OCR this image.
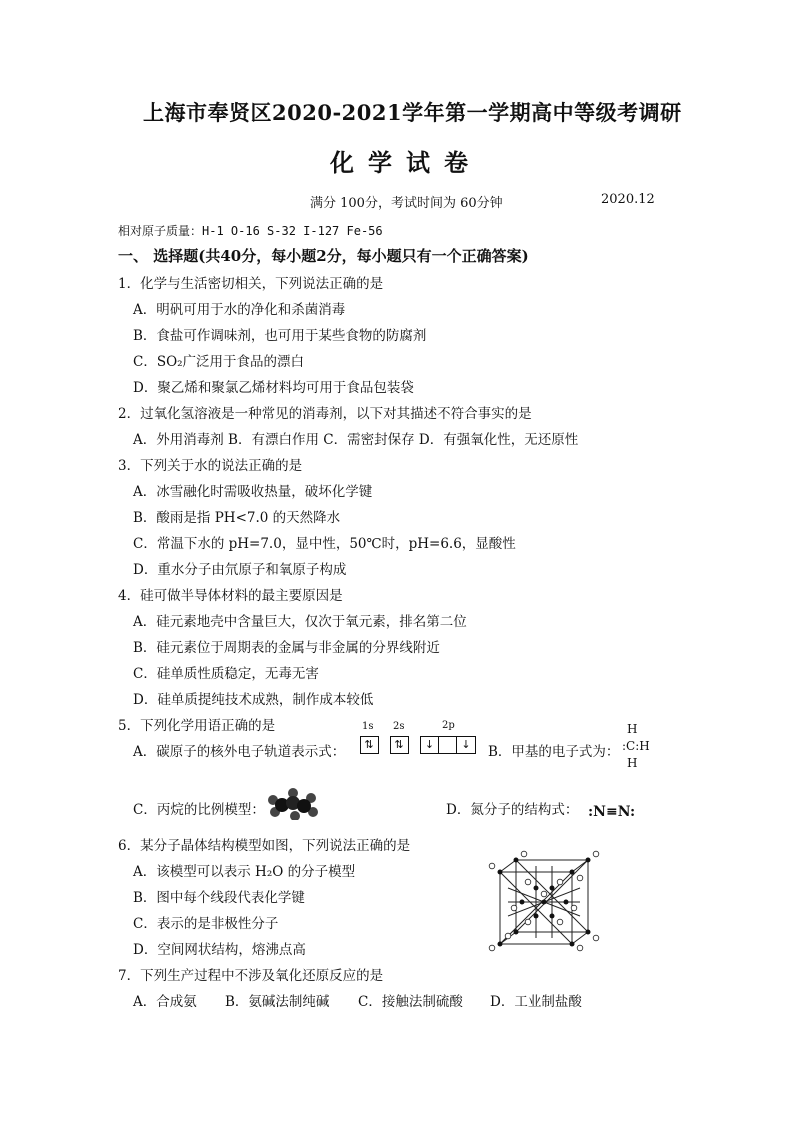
上海市奉贤区2020-2021学年第一学期高中等级考调研
化学试卷
满分 100分，考试时间为 60分钟	2020.12
相对原子质量：H-1 O-16 S-32 I-127 Fe-56
一、 选择题(共40分，每小题2分，每小题只有一个正确答案)
1．化学与生活密切相关，下列说法正确的是
A．明矾可用于水的净化和杀菌消毒
B．食盐可作调味剂，也可用于某些食物的防腐剂
C．SO₂广泛用于食品的漂白
D．聚乙烯和聚氯乙烯材料均可用于食品包装袋
2．过氧化氢溶液是一种常见的消毒剂，以下对其描述不符合事实的是
A．外用消毒剂 B．有漂白作用 C．需密封保存 D．有强氧化性，无还原性
3．下列关于水的说法正确的是
A．冰雪融化时需吸收热量，破坏化学键
B．酸雨是指 PH<7.0 的天然降水
C．常温下水的 pH=7.0，显中性，50℃时，pH=6.6，显酸性
D．重水分子由氘原子和氧原子构成
4．硅可做半导体材料的最主要原因是
A．硅元素地壳中含量巨大，仅次于氧元素，排名第二位
B．硅元素位于周期表的金属与非金属的分界线附近
C．硅单质性质稳定，无毒无害
D．硅单质提纯技术成熟，制作成本较低
5．下列化学用语正确的是
A．碳原子的核外电子轨道表示式：
1s 2s	2p
⇅	⇅	↓	↓	B．甲基的电子式为：
H
:C:H
H
C．丙烷的比例模型：	D．氮分子的结构式： :N≡N:
6．某分子晶体结构模型如图，下列说法正确的是
A．该模型可以表示 H₂O 的分子模型
B．图中每个线段代表化学键
C．表示的是非极性分子
D．空间网状结构，熔沸点高
7．下列生产过程中不涉及氧化还原反应的是
A．合成氨 B．氨碱法制纯碱 C．接触法制硫酸 D．工业制盐酸
